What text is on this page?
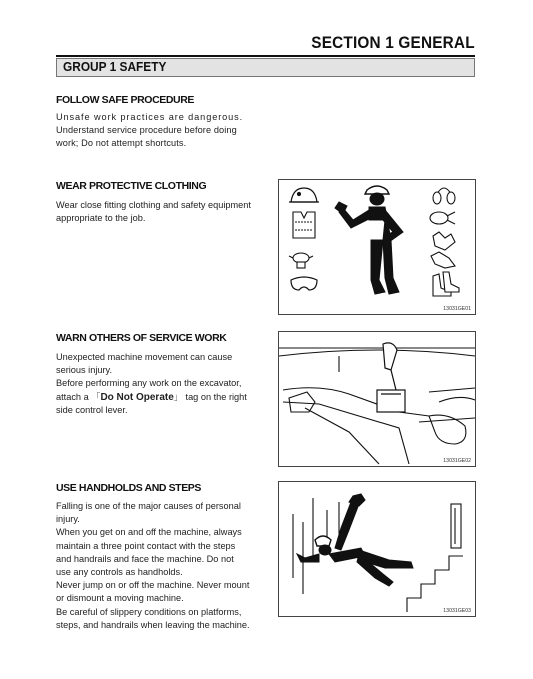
SECTION 1 GENERAL
GROUP 1 SAFETY
FOLLOW SAFE PROCEDURE

Unsafe work practices are dangerous.
Understand service procedure before doing
work; Do not attempt shortcuts.

WEAR PROTECTIVE CLOTHING

Wear close fitting clothing and safety equipment
appropriate to the job.

13031GE01
WARN OTHERS OF SERVICE WORK

Unexpected machine movement can cause
serious injury.
Before performing any work on the excavator,
attach a 「Do Not Operate」 tag on the right
side control lever.

13031GE02
USE HANDHOLDS AND STEPS

Falling is one of the major causes of personal
injury.
When you get on and off the machine, always
maintain a three point contact with the steps
and handrails and face the machine. Do not
use any controls as handholds.
Never jump on or off the machine. Never mount
or dismount a moving machine.
Be careful of slippery conditions on platforms,
steps, and handrails when leaving the machine.

13031GE03
